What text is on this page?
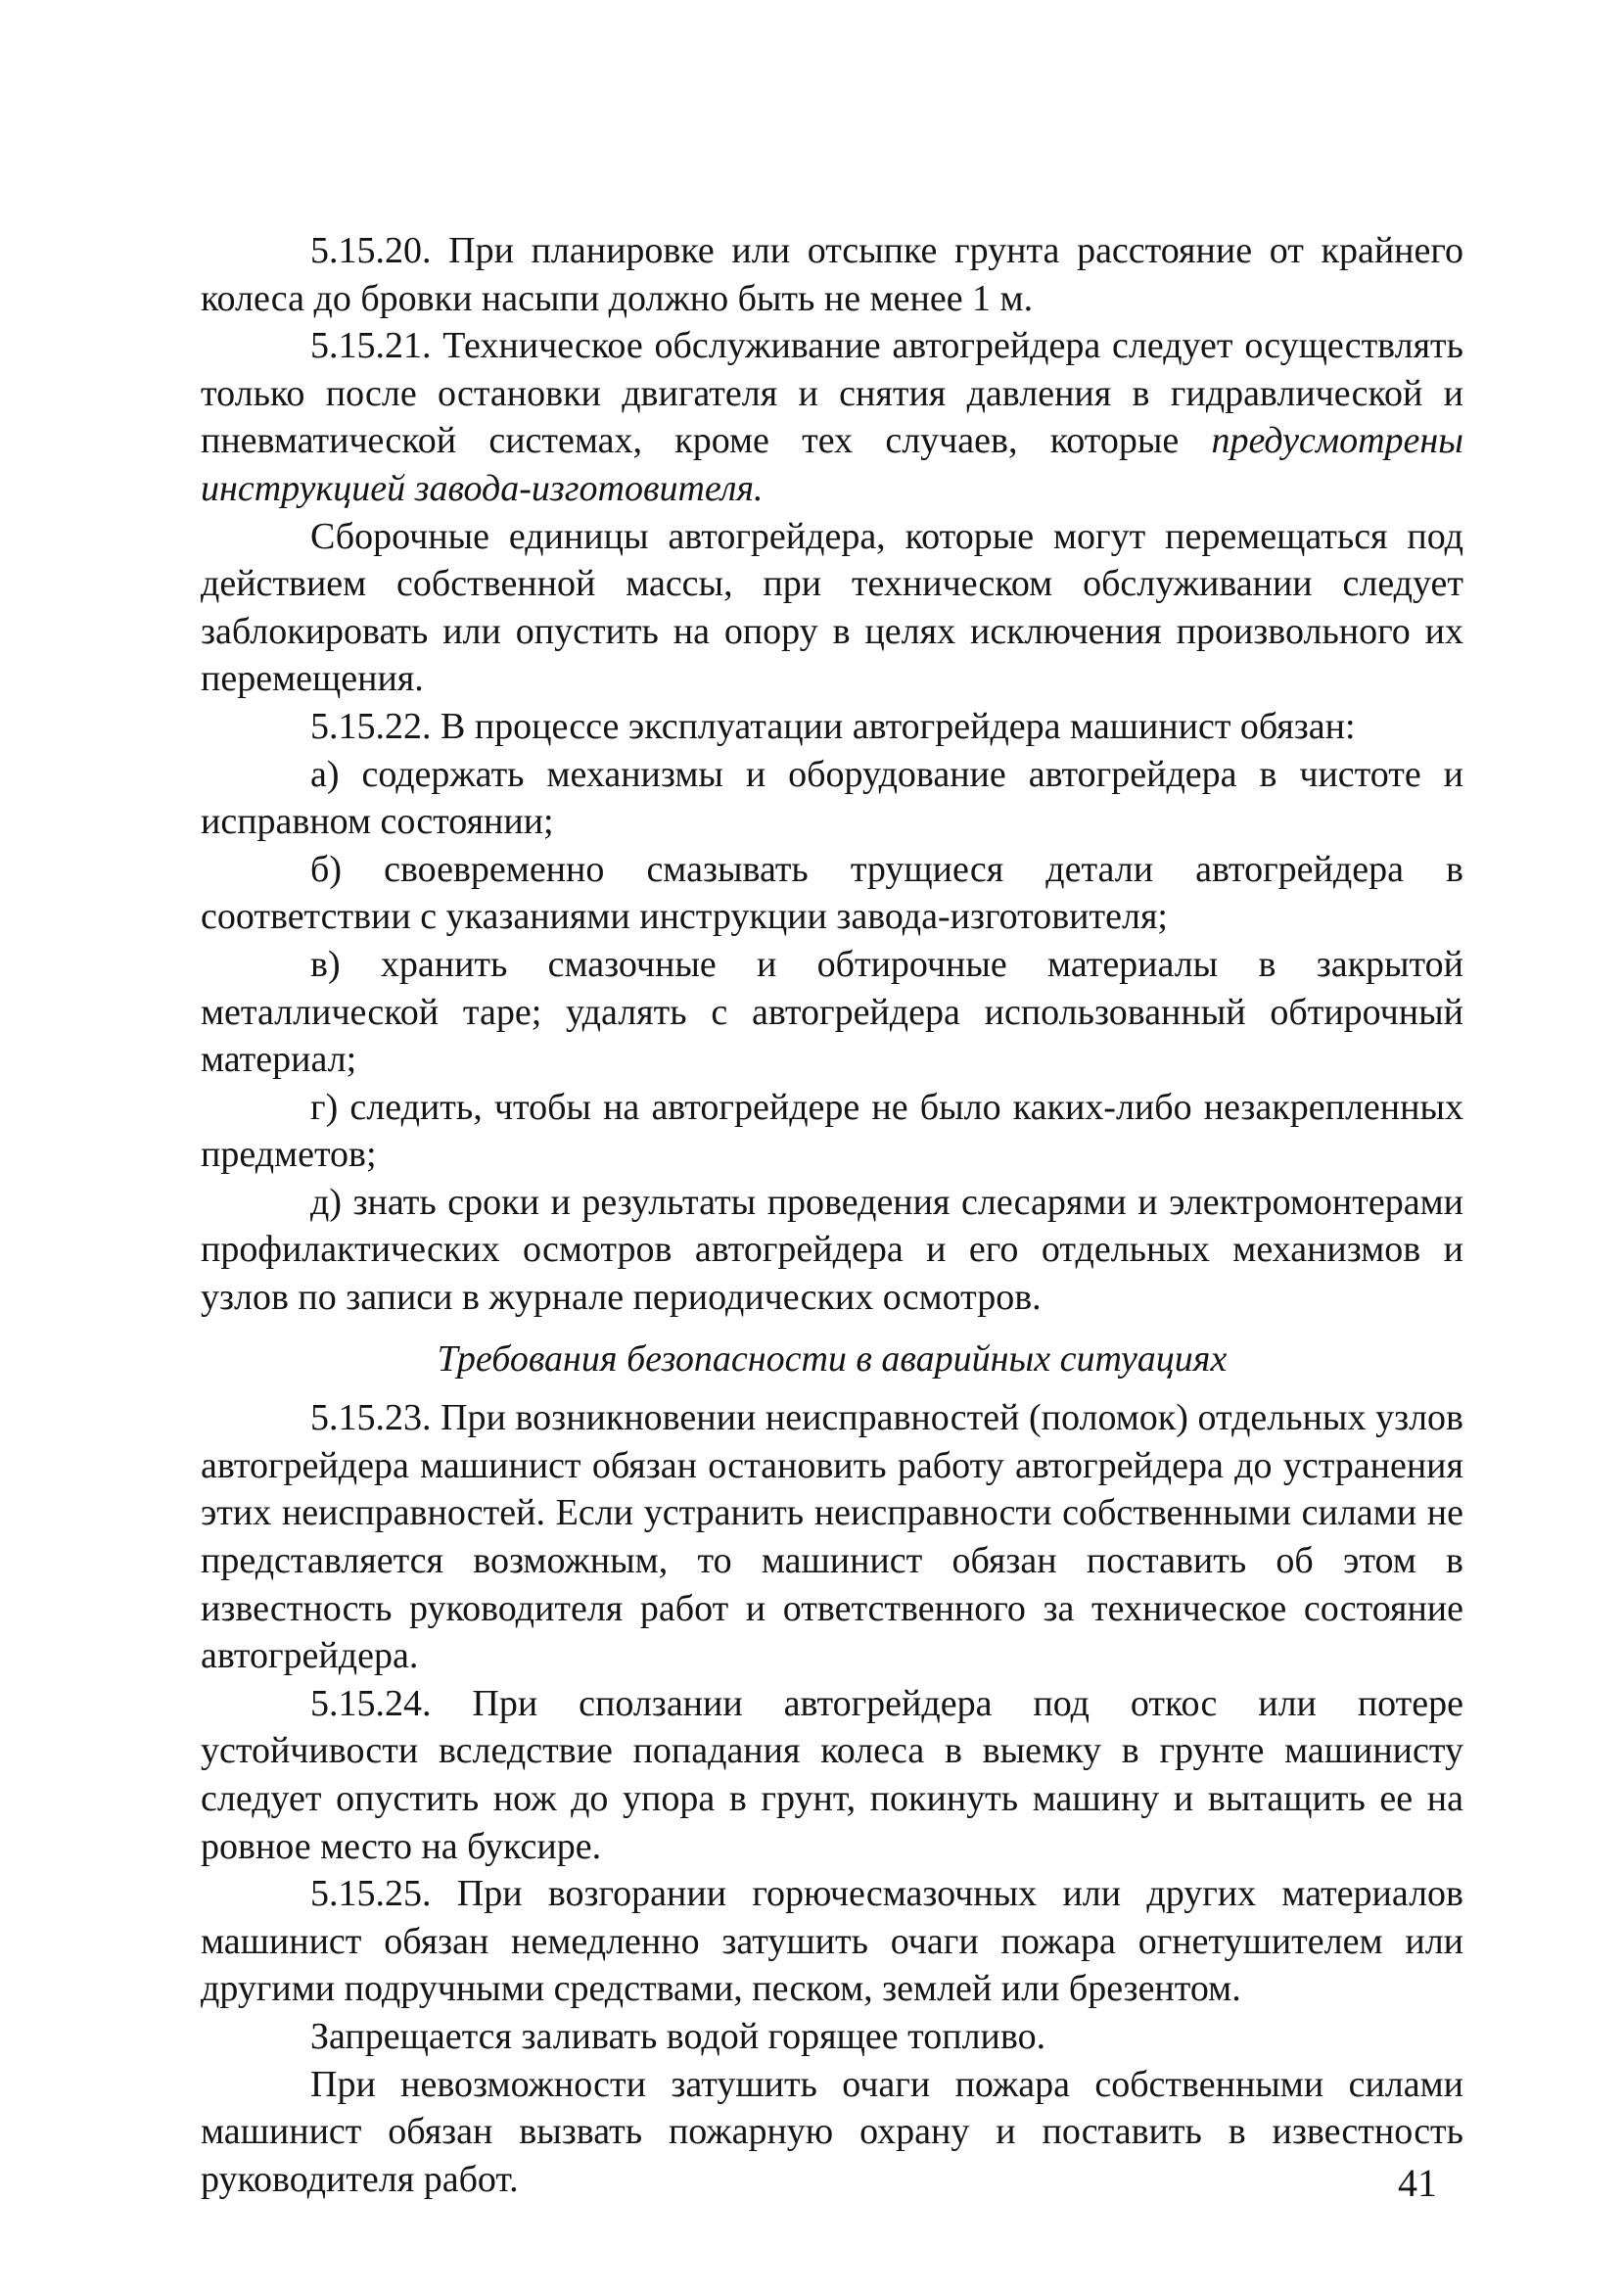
5.15.20. При планировке или отсыпке грунта расстояние от крайнего колеса до бровки насыпи должно быть не менее 1 м.

5.15.21. Техническое обслуживание автогрейдера следует осуществлять только после остановки двигателя и снятия давления в гидравлической и пневматической системах, кроме тех случаев, которые предусмотрены инструкцией завода-изготовителя.

Сборочные единицы автогрейдера, которые могут перемещаться под действием собственной массы, при техническом обслуживании следует заблокировать или опустить на опору в целях исключения произвольного их перемещения.

5.15.22. В процессе эксплуатации автогрейдера машинист обязан:

а) содержать механизмы и оборудование автогрейдера в чистоте и исправном состоянии;

б) своевременно смазывать трущиеся детали автогрейдера в соответствии с указаниями инструкции завода-изготовителя;

в) хранить смазочные и обтирочные материалы в закрытой металлической таре; удалять с автогрейдера использованный обтирочный материал;

г) следить, чтобы на автогрейдере не было каких-либо незакрепленных предметов;

д) знать сроки и результаты проведения слесарями и электромонтерами профилактических осмотров автогрейдера и его отдельных механизмов и узлов по записи в журнале периодических осмотров.

Требования безопасности в аварийных ситуациях

5.15.23. При возникновении неисправностей (поломок) отдельных узлов автогрейдера машинист обязан остановить работу автогрейдера до устранения этих неисправностей. Если устранить неисправности собственными силами не представляется возможным, то машинист обязан поставить об этом в известность руководителя работ и ответственного за техническое состояние автогрейдера.

5.15.24. При сползании автогрейдера под откос или потере устойчивости вследствие попадания колеса в выемку в грунте машинисту следует опустить нож до упора в грунт, покинуть машину и вытащить ее на ровное место на буксире.

5.15.25. При возгорании горючесмазочных или других материалов машинист обязан немедленно затушить очаги пожара огнетушителем или другими подручными средствами, песком, землей или брезентом.

Запрещается заливать водой горящее топливо.

При невозможности затушить очаги пожара собственными силами машинист обязан вызвать пожарную охрану и поставить в известность руководителя работ.	41
